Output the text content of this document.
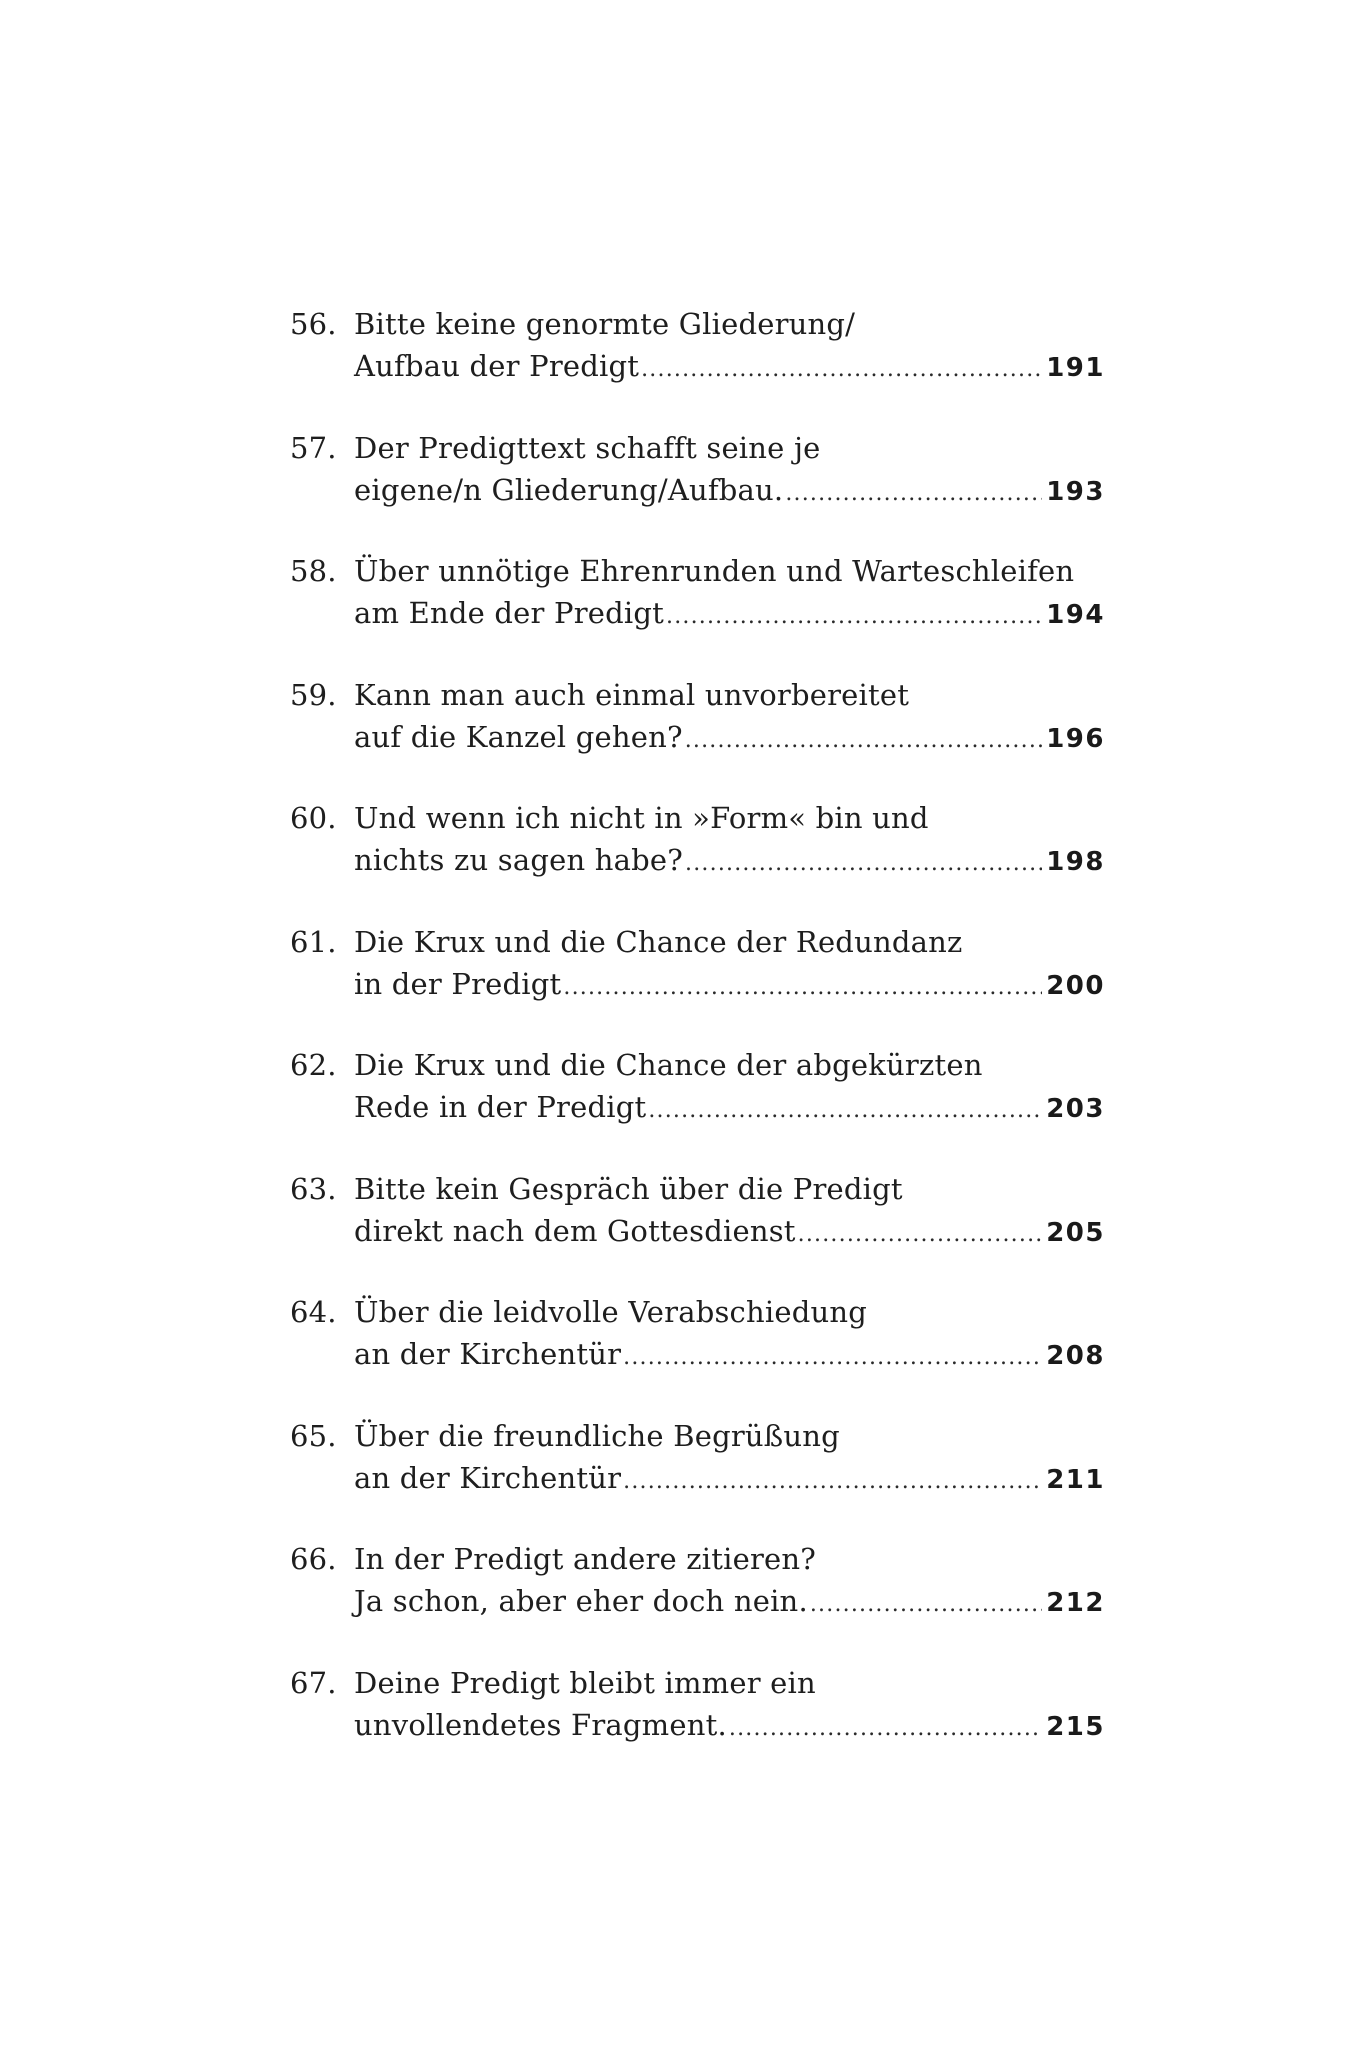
56. Bitte keine genormte Gliederung/
Aufbau der Predigt .....	191
57. Der Predigttext schafft seine je
eigene/n Gliederung/Aufbau. .....	193
58. Über unnötige Ehrenrunden und Warteschleifen
am Ende der Predigt .....	194
59. Kann man auch einmal unvorbereitet
auf die Kanzel gehen? .....	196
60. Und wenn ich nicht in »Form« bin und
nichts zu sagen habe? .....	198
61. Die Krux und die Chance der Redundanz
in der Predigt .....	200
62. Die Krux und die Chance der abgekürzten
Rede in der Predigt .....	203
63. Bitte kein Gespräch über die Predigt
direkt nach dem Gottesdienst .....	205
64. Über die leidvolle Verabschiedung
an der Kirchentür .....	208
65. Über die freundliche Begrüßung
an der Kirchentür .....	211
66. In der Predigt andere zitieren?
Ja schon, aber eher doch nein. .....	212
67. Deine Predigt bleibt immer ein
unvollendetes Fragment. .....	215
